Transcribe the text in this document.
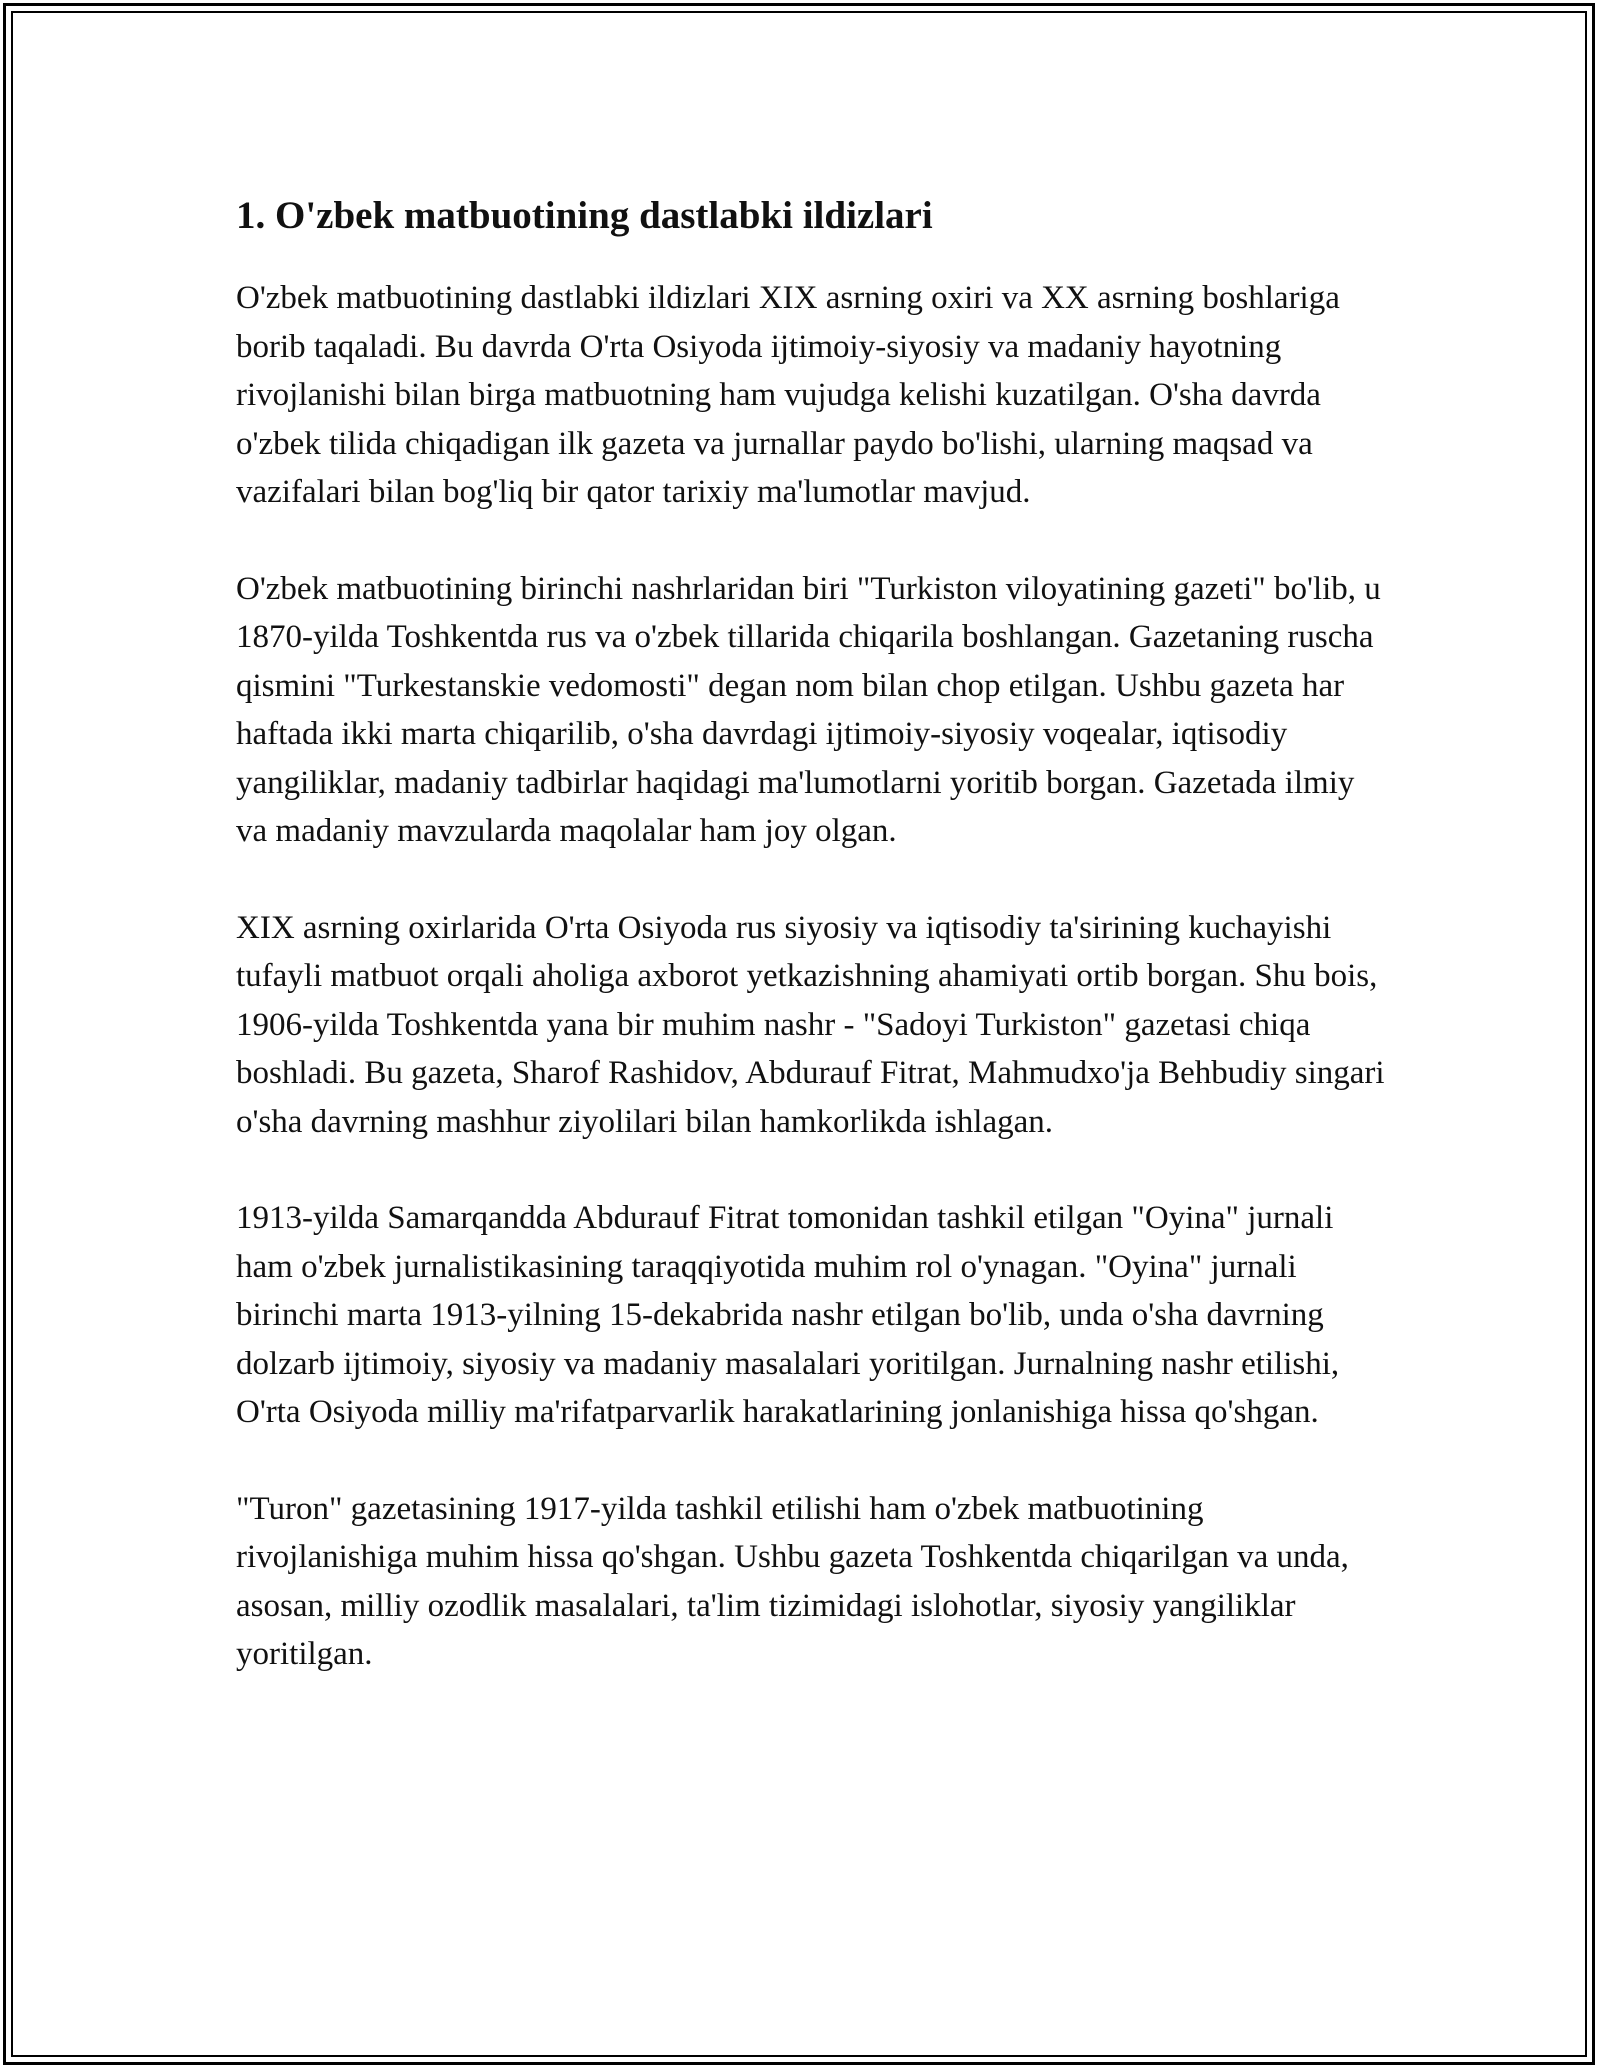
1. O'zbek matbuotining dastlabki ildizlari

O'zbek matbuotining dastlabki ildizlari XIX asrning oxiri va XX asrning boshlariga borib taqaladi. Bu davrda O'rta Osiyoda ijtimoiy-siyosiy va madaniy hayotning rivojlanishi bilan birga matbuotning ham vujudga kelishi kuzatilgan. O'sha davrda o'zbek tilida chiqadigan ilk gazeta va jurnallar paydo bo'lishi, ularning maqsad va vazifalari bilan bog'liq bir qator tarixiy ma'lumotlar mavjud.

O'zbek matbuotining birinchi nashrlaridan biri "Turkiston viloyatining gazeti" bo'lib, u 1870-yilda Toshkentda rus va o'zbek tillarida chiqarila boshlangan. Gazetaning ruscha qismini "Turkestanskie vedomosti" degan nom bilan chop etilgan. Ushbu gazeta har haftada ikki marta chiqarilib, o'sha davrdagi ijtimoiy-siyosiy voqealar, iqtisodiy yangiliklar, madaniy tadbirlar haqidagi ma'lumotlarni yoritib borgan. Gazetada ilmiy va madaniy mavzularda maqolalar ham joy olgan.

XIX asrning oxirlarida O'rta Osiyoda rus siyosiy va iqtisodiy ta'sirining kuchayishi tufayli matbuot orqali aholiga axborot yetkazishning ahamiyati ortib borgan. Shu bois, 1906-yilda Toshkentda yana bir muhim nashr - "Sadoyi Turkiston" gazetasi chiqa boshladi. Bu gazeta, Sharof Rashidov, Abdurauf Fitrat, Mahmudxo'ja Behbudiy singari o'sha davrning mashhur ziyolilari bilan hamkorlikda ishlagan.

1913-yilda Samarqandda Abdurauf Fitrat tomonidan tashkil etilgan "Oyina" jurnali ham o'zbek jurnalistikasining taraqqiyotida muhim rol o'ynagan. "Oyina" jurnali birinchi marta 1913-yilning 15-dekabrida nashr etilgan bo'lib, unda o'sha davrning dolzarb ijtimoiy, siyosiy va madaniy masalalari yoritilgan. Jurnalning nashr etilishi, O'rta Osiyoda milliy ma'rifatparvarlik harakatlarining jonlanishiga hissa qo'shgan.

"Turon" gazetasining 1917-yilda tashkil etilishi ham o'zbek matbuotining rivojlanishiga muhim hissa qo'shgan. Ushbu gazeta Toshkentda chiqarilgan va unda, asosan, milliy ozodlik masalalari, ta'lim tizimidagi islohotlar, siyosiy yangiliklar yoritilgan.
